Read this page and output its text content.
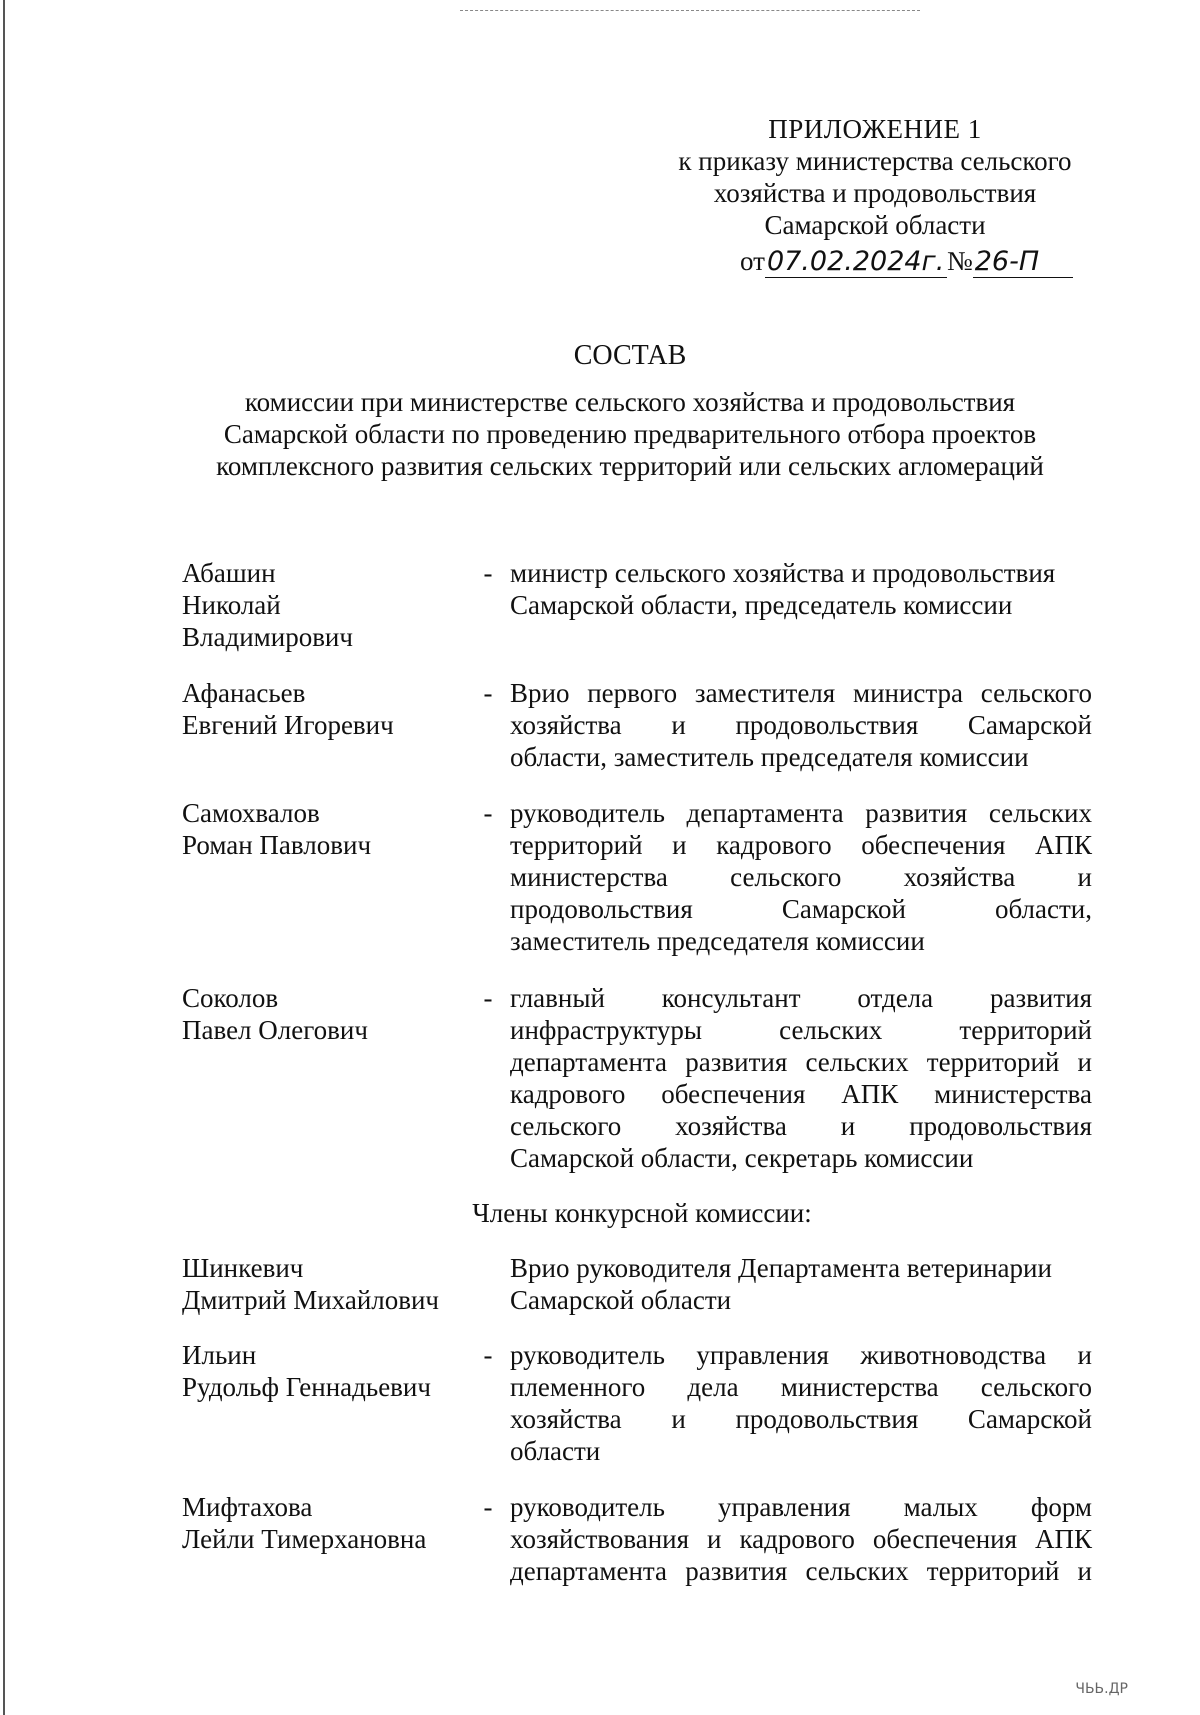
ПРИЛОЖЕНИЕ 1
к приказу министерства сельского
хозяйства и продовольствия
Самарской области
от07.02.2024г.№26-П
СОСТАВ
комиссии при министерстве сельского хозяйства и продовольствия
Самарской области по проведению предварительного отбора проектов
комплексного развития сельских территорий или сельских агломераций
Абашин
Николай
Владимирович
- министр сельского хозяйства и продовольствия
Самарской области, председатель комиссии
Афанасьев
Евгений Игоревич
- Врио первого заместителя министра сельского
хозяйства и продовольствия Самарской
области, заместитель председателя комиссии
Самохвалов
Роман Павлович
- руководитель департамента развития сельских
территорий и кадрового обеспечения АПК
министерства сельского хозяйства и
продовольствия Самарской области,
заместитель председателя комиссии
Соколов
Павел Олегович
- главный консультант отдела развития
инфраструктуры сельских территорий
департамента развития сельских территорий и
кадрового обеспечения АПК министерства
сельского хозяйства и продовольствия
Самарской области, секретарь комиссии
Члены конкурсной комиссии:
Шинкевич
Дмитрий Михайлович
Врио руководителя Департамента ветеринарии
Самарской области
Ильин
Рудольф Геннадьевич
- руководитель управления животноводства и
племенного дела министерства сельского
хозяйства и продовольствия Самарской
области
Мифтахова
Лейли Тимерхановна
- руководитель управления малых форм
хозяйствования и кадрового обеспечения АПК
департамента развития сельских территорий и
ЧЬЬ.ДР
